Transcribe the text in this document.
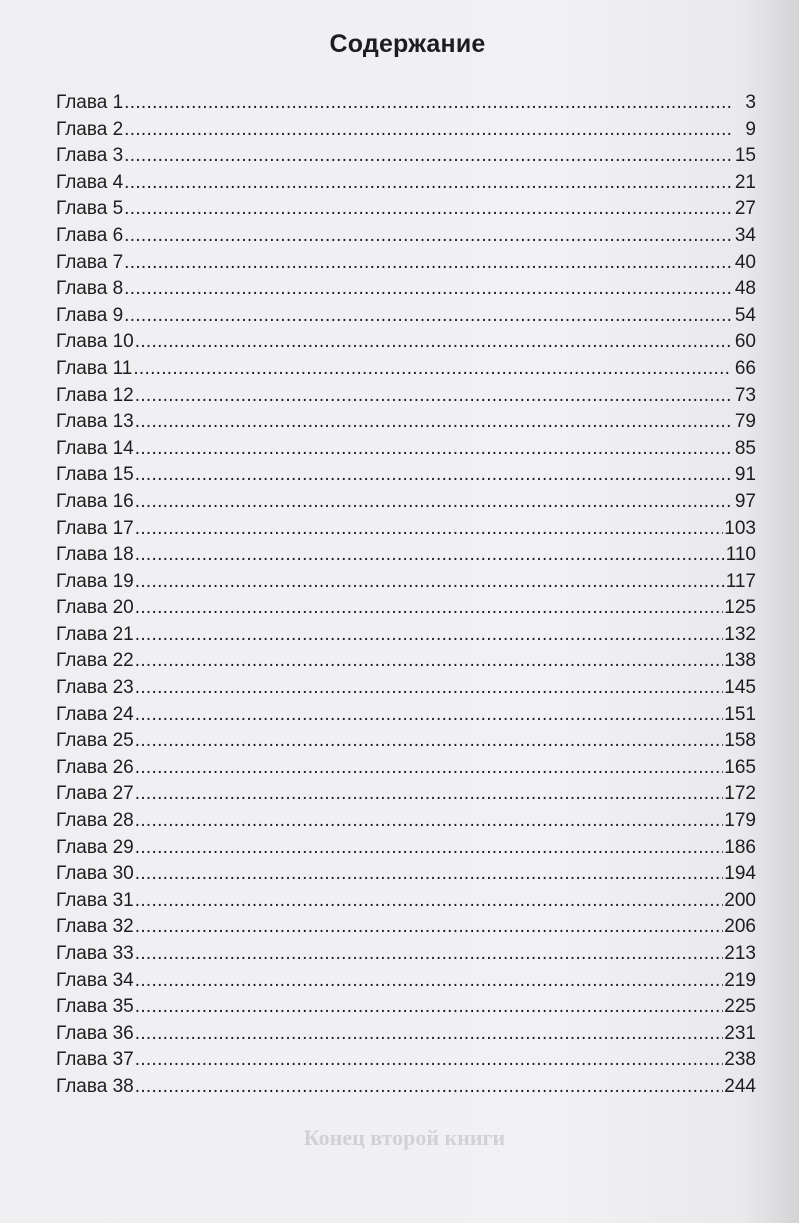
Конец второй книги
Содержание
Глава 1 .....	3
Глава 2 .....	9
Глава 3 .....	15
Глава 4 .....	21
Глава 5 .....	27
Глава 6 .....	34
Глава 7 .....	40
Глава 8 .....	48
Глава 9 .....	54
Глава 10 .....	60
Глава 11 .....	66
Глава 12 .....	73
Глава 13 .....	79
Глава 14 .....	85
Глава 15 .....	91
Глава 16 .....	97
Глава 17 .....	103
Глава 18 .....	110
Глава 19 .....	117
Глава 20 .....	125
Глава 21 .....	132
Глава 22 .....	138
Глава 23 .....	145
Глава 24 .....	151
Глава 25 .....	158
Глава 26 .....	165
Глава 27 .....	172
Глава 28 .....	179
Глава 29 .....	186
Глава 30 .....	194
Глава 31 .....	200
Глава 32 .....	206
Глава 33 .....	213
Глава 34 .....	219
Глава 35 .....	225
Глава 36 .....	231
Глава 37 .....	238
Глава 38 .....	244
